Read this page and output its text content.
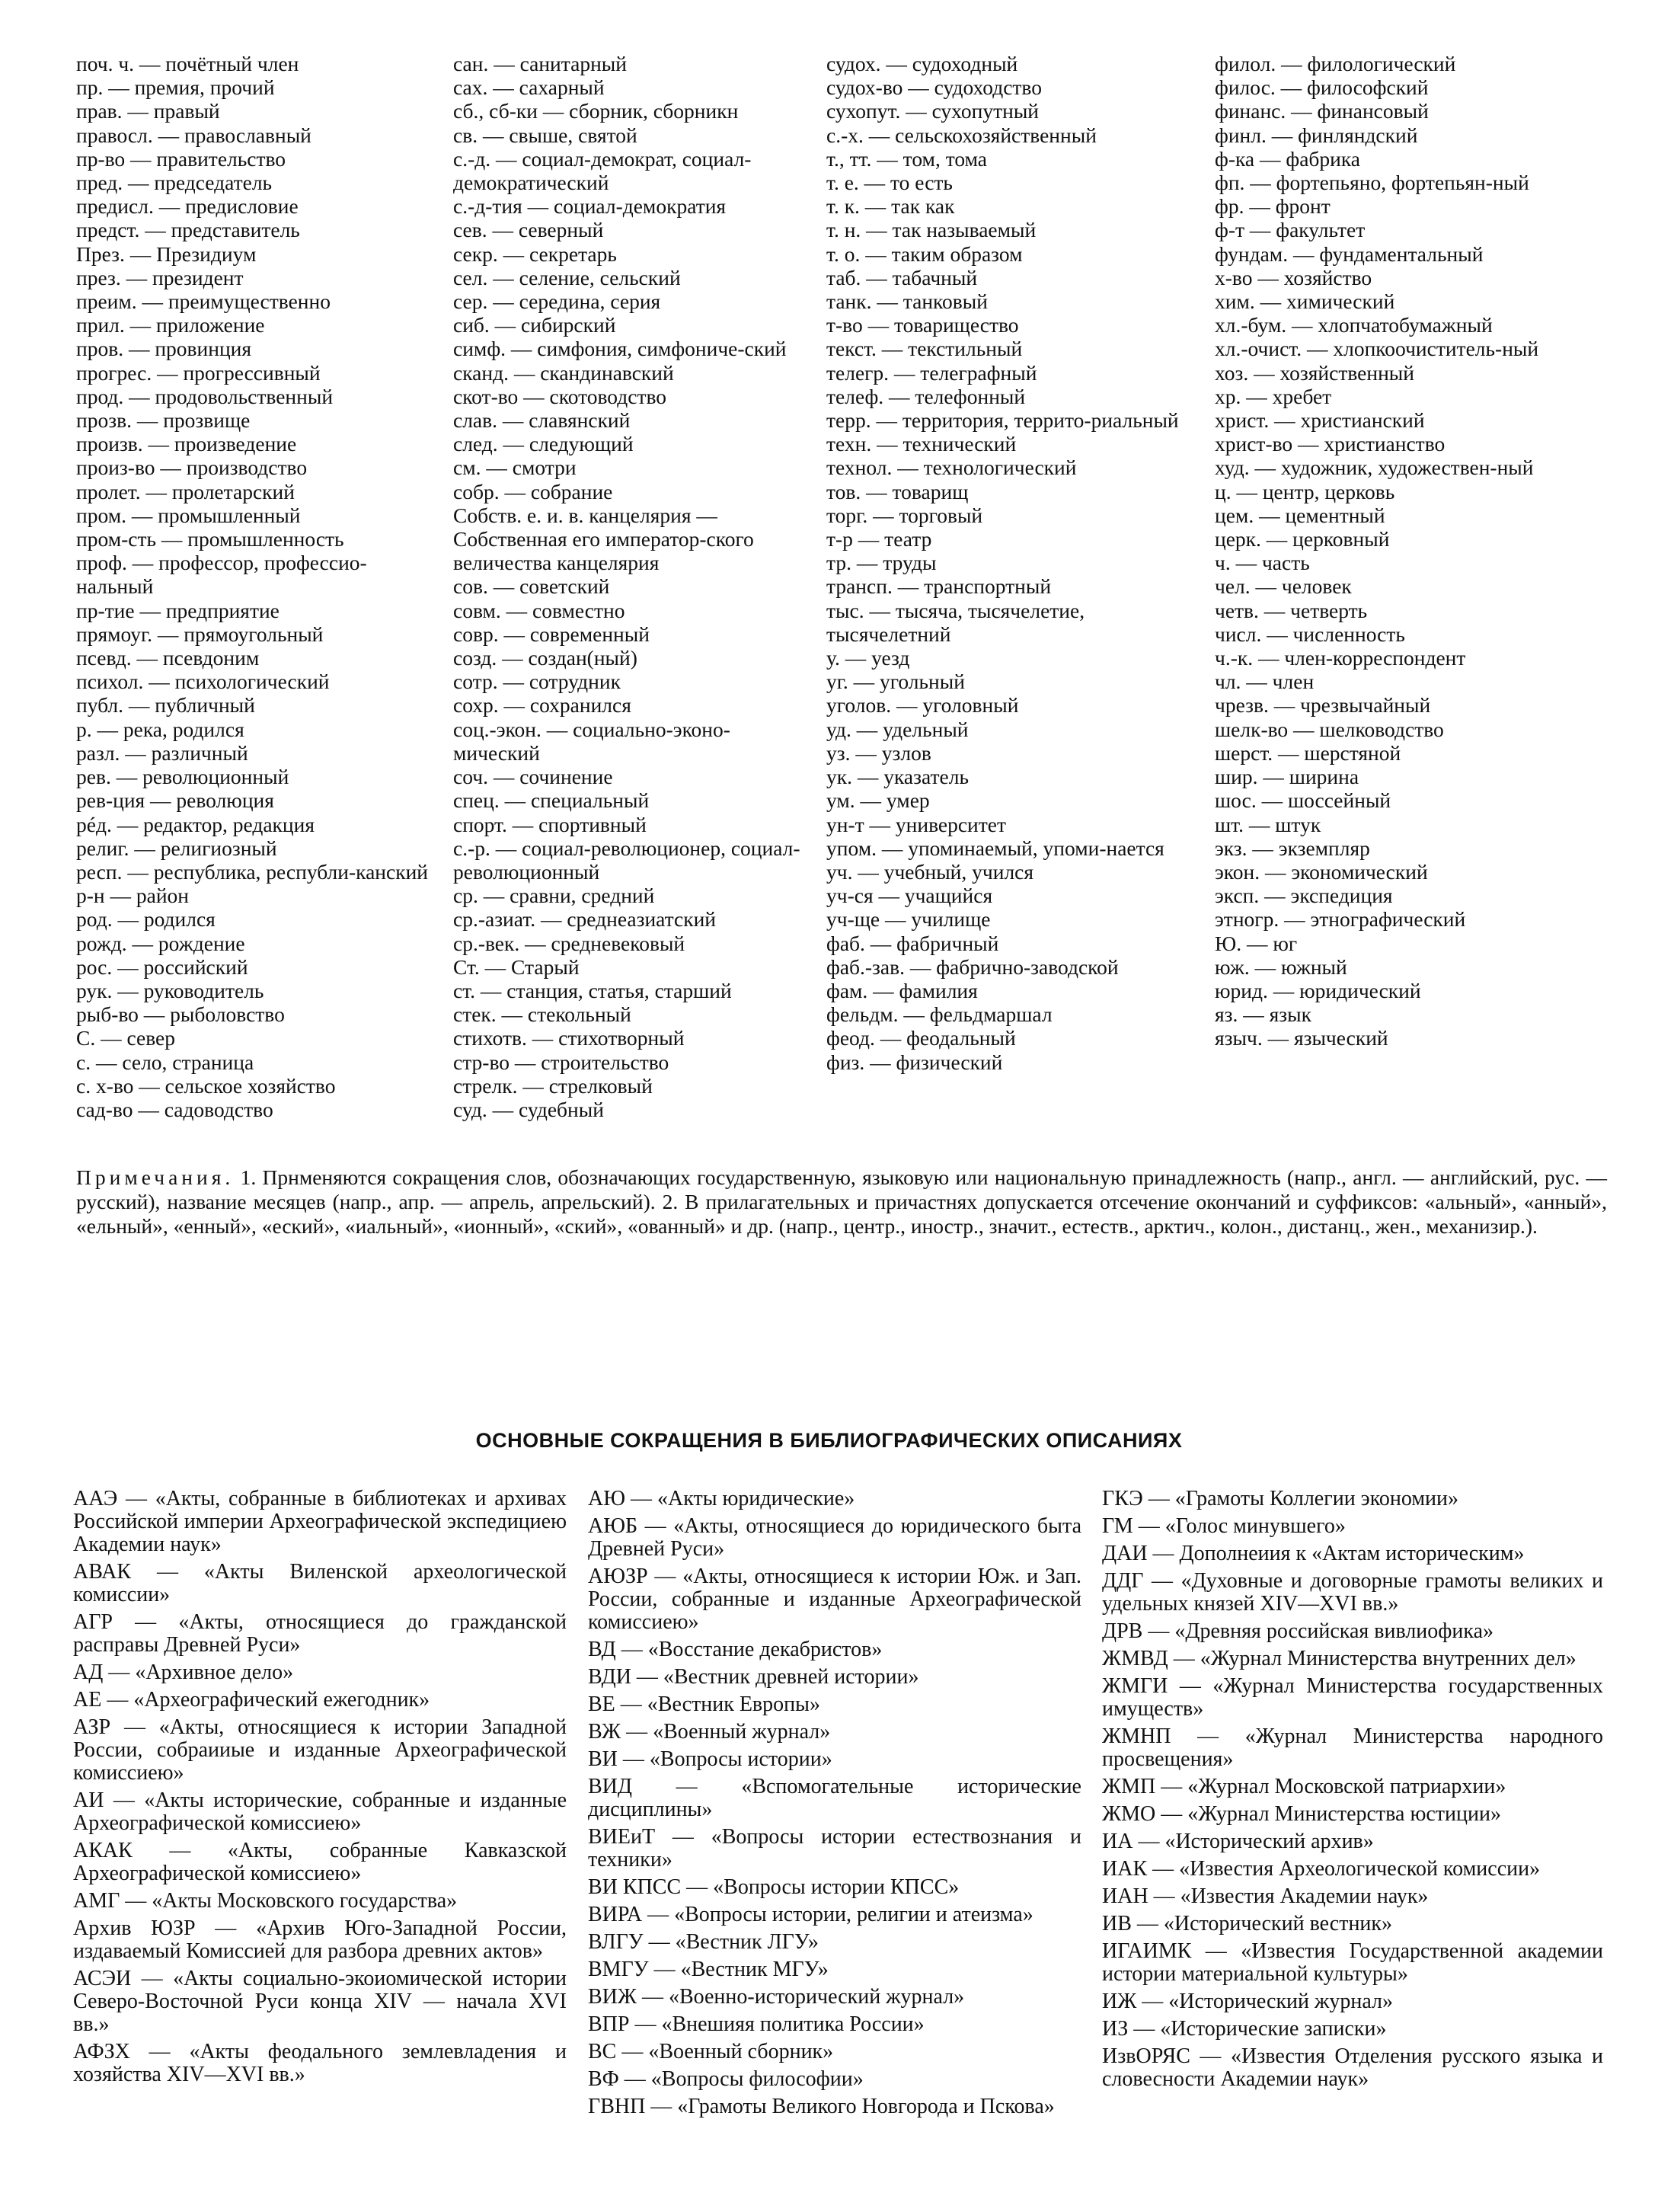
поч. ч. — почётный член
пр. — премия, прочий
прав. — правый
правосл. — православный
пр-во — правительство
пред. — председатель
предисл. — предисловие
предст. — представитель
През. — Президиум
през. — президент
преим. — преимущественно
прил. — приложение
пров. — провинция
прогрес. — прогрессивный
прод. — продовольственный
прозв. — прозвище
произв. — произведение
произ-во — производство
пролет. — пролетарский
пром. — промышленный
пром-сть — промышленность
проф. — профессор, профессио-нальный
пр-тие — предприятие
прямоуг. — прямоугольный
псевд. — псевдоним
психол. — психологический
публ. — публичный
р. — река, родился
разл. — различный
рев. — революционный
рев-ция — революция
рéд. — редактор, редакция
религ. — религиозный
респ. — республика, республи-канский
р-н — район
род. — родился
рожд. — рождение
рос. — российский
рук. — руководитель
рыб-во — рыболовство
С. — север
с. — село, страница
с. х-во — сельское хозяйство
сад-во — садоводство
сан. — санитарный
сах. — сахарный
сб., сб-ки — сборник, сборникн
св. — свыше, святой
с.-д. — социал-демократ, социал-демократический
с.-д-тия — социал-демократия
сев. — северный
секр. — секретарь
сел. — селение, сельский
сер. — середина, серия
сиб. — сибирский
симф. — симфония, симфониче-ский
сканд. — скандинавский
скот-во — скотоводство
слав. — славянский
след. — следующий
см. — смотри
собр. — собрание
Собств. е. и. в. канцелярия — Собственная его император-ского величества канцелярия
сов. — советский
совм. — совместно
совр. — современный
созд. — создан(ный)
сотр. — сотрудник
сохр. — сохранился
соц.-экон. — социально-эконо-мический
соч. — сочинение
спец. — специальный
спорт. — спортивный
с.-р. — социал-революционер, социал-революционный
ср. — сравни, средний
ср.-азиат. — среднеазиатский
ср.-век. — средневековый
Ст. — Старый
ст. — станция, статья, старший
стек. — стекольный
стихотв. — стихотворный
стр-во — строительство
стрелк. — стрелковый
суд. — судебный
судох. — судоходный
судох-во — судоходство
сухопут. — сухопутный
с.-х. — сельскохозяйственный
т., тт. — том, тома
т. е. — то есть
т. к. — так как
т. н. — так называемый
т. о. — таким образом
таб. — табачный
танк. — танковый
т-во — товарищество
текст. — текстильный
телегр. — телеграфный
телеф. — телефонный
терр. — территория, террито-риальный
техн. — технический
технол. — технологический
тов. — товарищ
торг. — торговый
т-р — театр
тр. — труды
трансп. — транспортный
тыс. — тысяча, тысячелетие, тысячелетний
у. — уезд
уг. — угольный
уголов. — уголовный
уд. — удельный
уз. — узлов
ук. — указатель
ум. — умер
ун-т — университет
упом. — упоминаемый, упоми-нается
уч. — учебный, учился
уч-ся — учащийся
уч-ще — училище
фаб. — фабричный
фаб.-зав. — фабрично-заводской
фам. — фамилия
фельдм. — фельдмаршал
феод. — феодальный
физ. — физический
филол. — филологический
филос. — философский
финанс. — финансовый
финл. — финляндский
ф-ка — фабрика
фп. — фортепьяно, фортепьян-ный
фр. — фронт
ф-т — факультет
фундам. — фундаментальный
х-во — хозяйство
хим. — химический
хл.-бум. — хлопчатобумажный
хл.-очист. — хлопкоочиститель-ный
хоз. — хозяйственный
хр. — хребет
христ. — христианский
христ-во — христианство
худ. — художник, художествен-ный
ц. — центр, церковь
цем. — цементный
церк. — церковный
ч. — часть
чел. — человек
четв. — четверть
числ. — численность
ч.-к. — член-корреспондент
чл. — член
чрезв. — чрезвычайный
шелк-во — шелководство
шерст. — шерстяной
шир. — ширина
шос. — шоссейный
шт. — штук
экз. — экземпляр
экон. — экономический
эксп. — экспедиция
этногр. — этнографический
Ю. — юг
юж. — южный
юрид. — юридический
яз. — язык
языч. — языческий
Примечания. 1. Прнменяются сокращения слов, обозначающих государственную, языковую или национальную принадлежность (напр., англ. — английский, рус. — русский), название месяцев (напр., апр. — апрель, апрельский). 2. В прилагательных и причастнях допускается отсечение окончаний и суффиксов: «альный», «анный», «ельный», «енный», «еский», «иальный», «ионный», «ский», «ованный» и др. (напр., центр., иностр., значит., естеств., арктич., колон., дистанц., жен., механизир.).
ОСНОВНЫЕ СОКРАЩЕНИЯ В БИБЛИОГРАФИЧЕСКИХ ОПИСАНИЯХ
ААЭ — «Акты, собранные в библиотеках и архивах Российской империи Археографической экспедициею Академии наук»
АВАК — «Акты Виленской археологической комиссии»
АГР — «Акты, относящиеся до гражданской расправы Древней Руси»
АД — «Архивное дело»
АЕ — «Археографический ежегодник»
АЗР — «Акты, относящиеся к истории Западной России, собраииые и изданные Археографической комиссиею»
АИ — «Акты исторические, собранные и изданные Археографической комиссиею»
АКАК — «Акты, собранные Кавказской Археографической комиссиею»
АМГ — «Акты Московского государства»
Архив ЮЗР — «Архив Юго-Западной России, издаваемый Комиссией для разбора древних актов»
АСЭИ — «Акты социально-экоиомической истории Северо-Восточной Руси конца XIV — начала XVI вв.»
АФЗХ — «Акты феодального землевладения и хозяйства XIV—XVI вв.»
АЮ — «Акты юридические»
АЮБ — «Акты, относящиеся до юридического быта Древней Руси»
АЮЗР — «Акты, относящиеся к истории Юж. и Зап. России, собранные и изданные Археографической комиссиею»
ВД — «Восстание декабристов»
ВДИ — «Вестник древней истории»
ВЕ — «Вестник Европы»
ВЖ — «Военный журнал»
ВИ — «Вопросы истории»
ВИД — «Вспомогательные исторические дисциплины»
ВИЕиТ — «Вопросы истории естествознания и техники»
ВИ КПСС — «Вопросы истории КПСС»
ВИРА — «Вопросы истории, религии и атеизма»
ВЛГУ — «Вестник ЛГУ»
ВМГУ — «Вестник МГУ»
ВИЖ — «Военно-исторический журнал»
ВПР — «Внешияя политика России»
ВС — «Военный сборник»
ВФ — «Вопросы философии»
ГВНП — «Грамоты Великого Новгорода и Пскова»
ГКЭ — «Грамоты Коллегии экономии»
ГМ — «Голос минувшего»
ДАИ — Дополнеиия к «Актам историческим»
ДДГ — «Духовные и договорные грамоты великих и удельных князей XIV—XVI вв.»
ДРВ — «Древняя российская вивлиофика»
ЖМВД — «Журнал Министерства внутренних дел»
ЖМГИ — «Журнал Министерства государственных имуществ»
ЖМНП — «Журнал Министерства народного просвещения»
ЖМП — «Журнал Московской патриархии»
ЖМО — «Журнал Министерства юстиции»
ИА — «Исторический архив»
ИАК — «Известия Археологической комиссии»
ИАН — «Известия Академии наук»
ИВ — «Исторический вестник»
ИГАИМК — «Известия Государственной академии истории материальной культуры»
ИЖ — «Исторический журнал»
ИЗ — «Исторические записки»
ИзвОРЯС — «Известия Отделения русского языка и словесности Академии наук»
